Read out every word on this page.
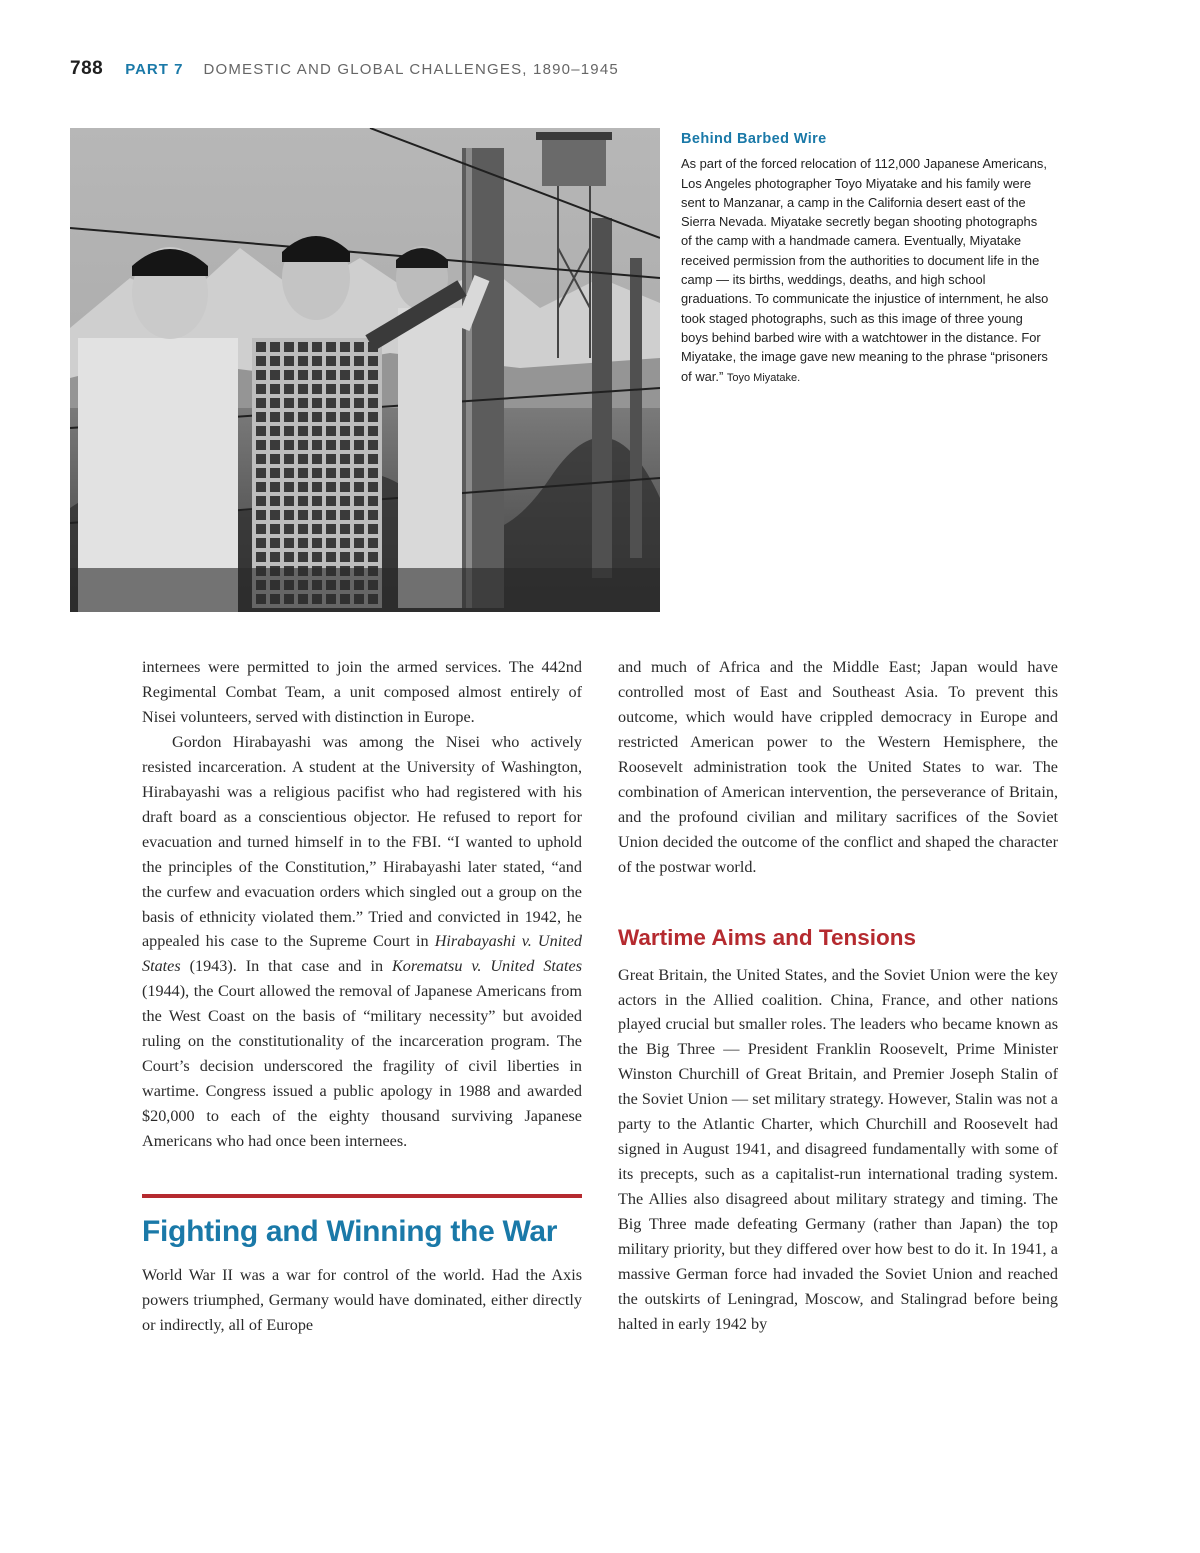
788 PART 7 DOMESTIC AND GLOBAL CHALLENGES, 1890–1945
Behind Barbed Wire

As part of the forced relocation of 112,000 Japanese Americans, Los Angeles photographer Toyo Miyatake and his family were sent to Manzanar, a camp in the California desert east of the Sierra Nevada. Miyatake secretly began shooting photographs of the camp with a handmade camera. Eventually, Miyatake received permission from the authorities to document life in the camp — its births, weddings, deaths, and high school graduations. To communicate the injustice of internment, he also took staged photographs, such as this image of three young boys behind barbed wire with a watchtower in the distance. For Miyatake, the image gave new meaning to the phrase “prisoners of war.” Toyo Miyatake.

internees were permitted to join the armed services. The 442nd Regimental Combat Team, a unit composed almost entirely of Nisei volunteers, served with distinction in Europe.

Gordon Hirabayashi was among the Nisei who actively resisted incarceration. A student at the University of Washington, Hirabayashi was a religious pacifist who had registered with his draft board as a conscientious objector. He refused to report for evacuation and turned himself in to the FBI. “I wanted to uphold the principles of the Constitution,” Hirabayashi later stated, “and the curfew and evacuation orders which singled out a group on the basis of ethnicity violated them.” Tried and convicted in 1942, he appealed his case to the Supreme Court in Hirabayashi v. United States (1943). In that case and in Korematsu v. United States (1944), the Court allowed the removal of Japanese Americans from the West Coast on the basis of “military necessity” but avoided ruling on the constitutionality of the incarceration program. The Court’s decision underscored the fragility of civil liberties in wartime. Congress issued a public apology in 1988 and awarded $20,000 to each of the eighty thousand surviving Japanese Americans who had once been internees.

Fighting and Winning the War

World War II was a war for control of the world. Had the Axis powers triumphed, Germany would have dominated, either directly or indirectly, all of Europe

and much of Africa and the Middle East; Japan would have controlled most of East and Southeast Asia. To prevent this outcome, which would have crippled democracy in Europe and restricted American power to the Western Hemisphere, the Roosevelt administration took the United States to war. The combination of American intervention, the perseverance of Britain, and the profound civilian and military sacrifices of the Soviet Union decided the outcome of the conflict and shaped the character of the postwar world.

Wartime Aims and Tensions

Great Britain, the United States, and the Soviet Union were the key actors in the Allied coalition. China, France, and other nations played crucial but smaller roles. The leaders who became known as the Big Three — President Franklin Roosevelt, Prime Minister Winston Churchill of Great Britain, and Premier Joseph Stalin of the Soviet Union — set military strategy. However, Stalin was not a party to the Atlantic Charter, which Churchill and Roosevelt had signed in August 1941, and disagreed fundamentally with some of its precepts, such as a capitalist-run international trading system. The Allies also disagreed about military strategy and timing. The Big Three made defeating Germany (rather than Japan) the top military priority, but they differed over how best to do it. In 1941, a massive German force had invaded the Soviet Union and reached the outskirts of Leningrad, Moscow, and Stalingrad before being halted in early 1942 by
